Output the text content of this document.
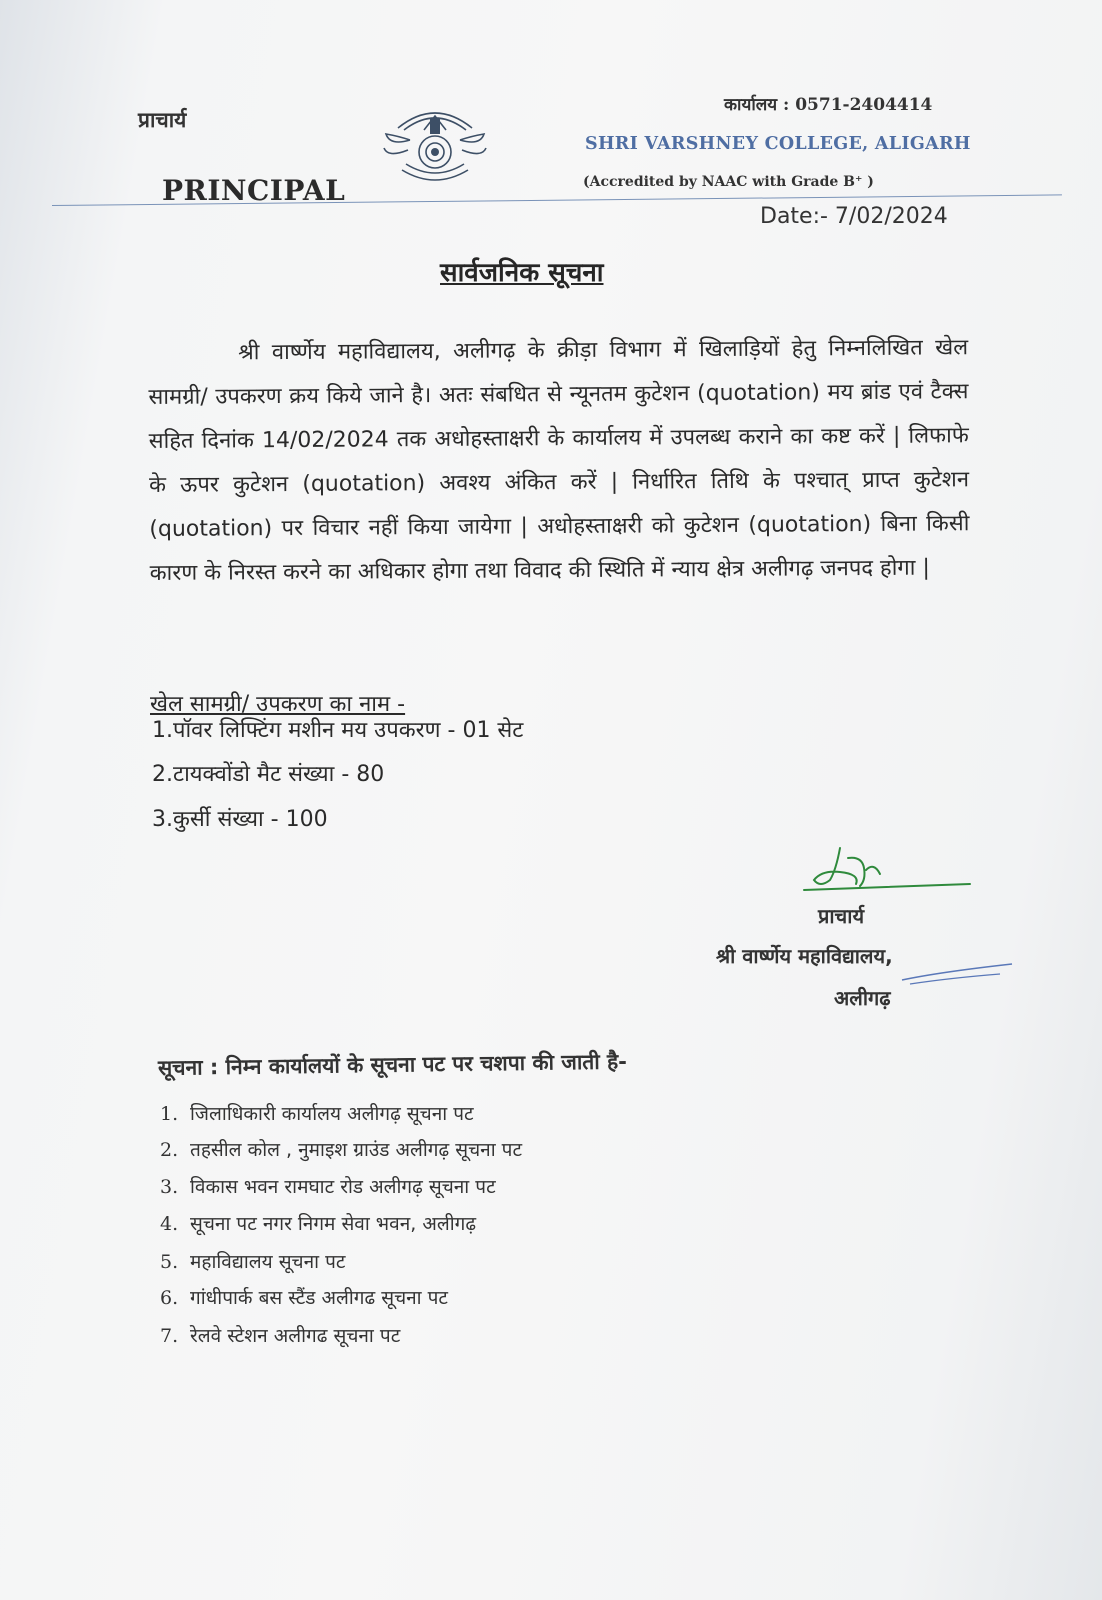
प्राचार्य
PRINCIPAL
कार्यालय : 0571-2404414
SHRI VARSHNEY COLLEGE, ALIGARH
(Accredited by NAAC with Grade B⁺ )
Date:- 7/02/2024
सार्वजनिक सूचना

श्री वार्ष्णेय महाविद्यालय, अलीगढ़ के क्रीड़ा विभाग में खिलाड़ियों हेतु निम्नलिखित खेल सामग्री/ उपकरण क्रय किये जाने है। अतः संबधित से न्यूनतम कुटेशन (quotation) मय ब्रांड एवं टैक्स सहित दिनांक 14/02/2024 तक अधोहस्ताक्षरी के कार्यालय में उपलब्ध कराने का कष्ट करें | लिफाफे के ऊपर कुटेशन (quotation) अवश्य अंकित करें | निर्धारित तिथि के पश्चात् प्राप्त कुटेशन (quotation) पर विचार नहीं किया जायेगा | अधोहस्ताक्षरी को कुटेशन (quotation) बिना किसी कारण के निरस्त करने का अधिकार होगा तथा विवाद की स्थिति में न्याय क्षेत्र अलीगढ़ जनपद होगा |

खेल सामग्री/ उपकरण का नाम -
1.पॉवर लिफ्टिंग मशीन मय उपकरण - 01 सेट
2.टायक्वोंडो मैट संख्या - 80
3.कुर्सी संख्या - 100
प्राचार्य
श्री वार्ष्णेय महाविद्यालय,
अलीगढ़
सूचना : निम्न कार्यालयों के सूचना पट पर चशपा की जाती है-
1. जिलाधिकारी कार्यालय अलीगढ़ सूचना पट
2. तहसील कोल , नुमाइश ग्राउंड अलीगढ़ सूचना पट
3. विकास भवन रामघाट रोड अलीगढ़ सूचना पट
4. सूचना पट नगर निगम सेवा भवन, अलीगढ़
5. महाविद्यालय सूचना पट
6. गांधीपार्क बस स्टैंड अलीगढ सूचना पट
7. रेलवे स्टेशन अलीगढ सूचना पट
